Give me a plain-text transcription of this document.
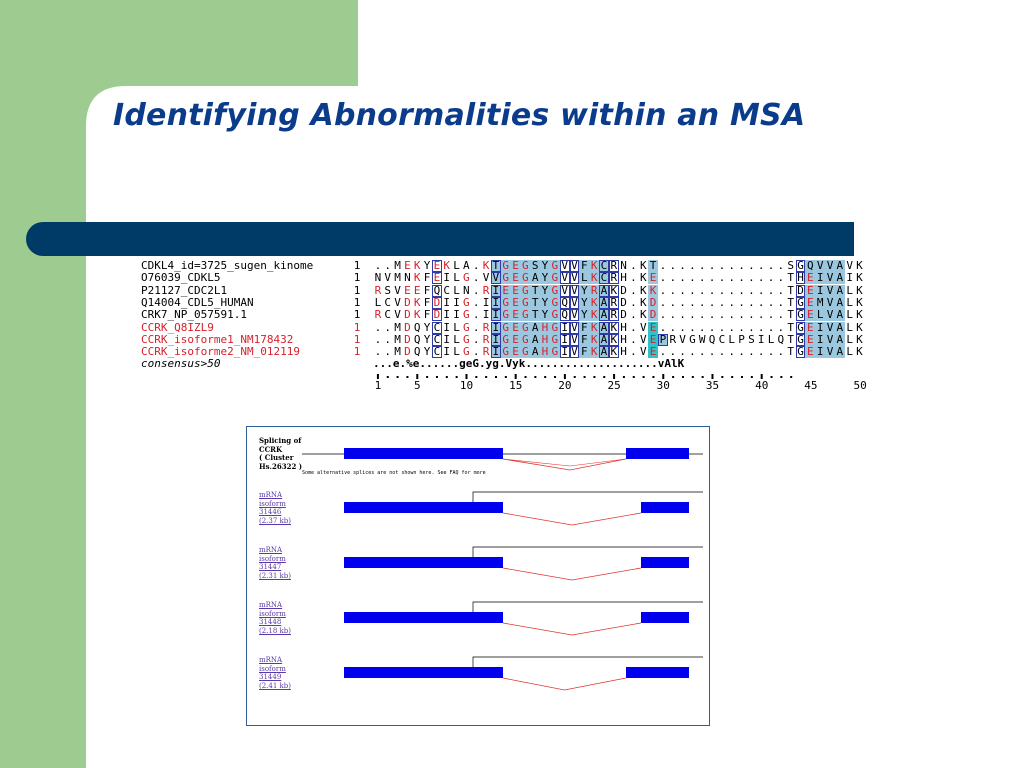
Identifying Abnormalities within an MSA
CDKL4_id=3725_sugen_kinome	1 . . M E K Y E K L A . K T G E G S Y G V V F K C R N . K T . . . . . . . . . . . . . S G Q V V A V K
O76039_CDKL5	1 N V M N K F E I L G . V V G E G A Y G V V L K C R H . K E . . . . . . . . . . . . . T H E I V A I K
P21127_CDC2L1	1 R S V E E F Q C L N . R I E E G T Y G V V Y R A K D . K K . . . . . . . . . . . . . T D E I V A L K
Q14004_CDL5_HUMAN	1 L C V D K F D I I G . I I G E G T Y G Q V Y K A R D . K D . . . . . . . . . . . . . T G E M V A L K
CRK7_NP_057591.1	1 R C V D K F D I I G . I I G E G T Y G Q V Y K A R D . K D . . . . . . . . . . . . . T G E L V A L K
CCRK_Q8IZL9	1 . . M D Q Y C I L G . R I G E G A H G I V F K A K H . V E . . . . . . . . . . . . . T G E I V A L K
CCRK_isoforme1_NM178432	1 . . M D Q Y C I L G . R I G E G A H G I V F K A K H . V E P R V G W Q C L P S I L Q T G E I V A L K
CCRK_isoforme2_NM_012119	1 . . M D Q Y C I L G . R I G E G A H G I V F K A K H . V E . . . . . . . . . . . . . T G E I V A L K
consensus>50	...e.%e......geG.yg.Vyk....................vAlK
1	5	10	15	20	25	30	35	40	45	50
Splicing of
CCRK
( Cluster
Hs.26322 )
Some alternative splices are not shown here. See FAQ for more
mRNA
isoform
31446
(2.37 kb)
mRNA
isoform
31447
(2.31 kb)
mRNA
isoform
31448
(2.18 kb)
mRNA
isoform
31449
(2.41 kb)
